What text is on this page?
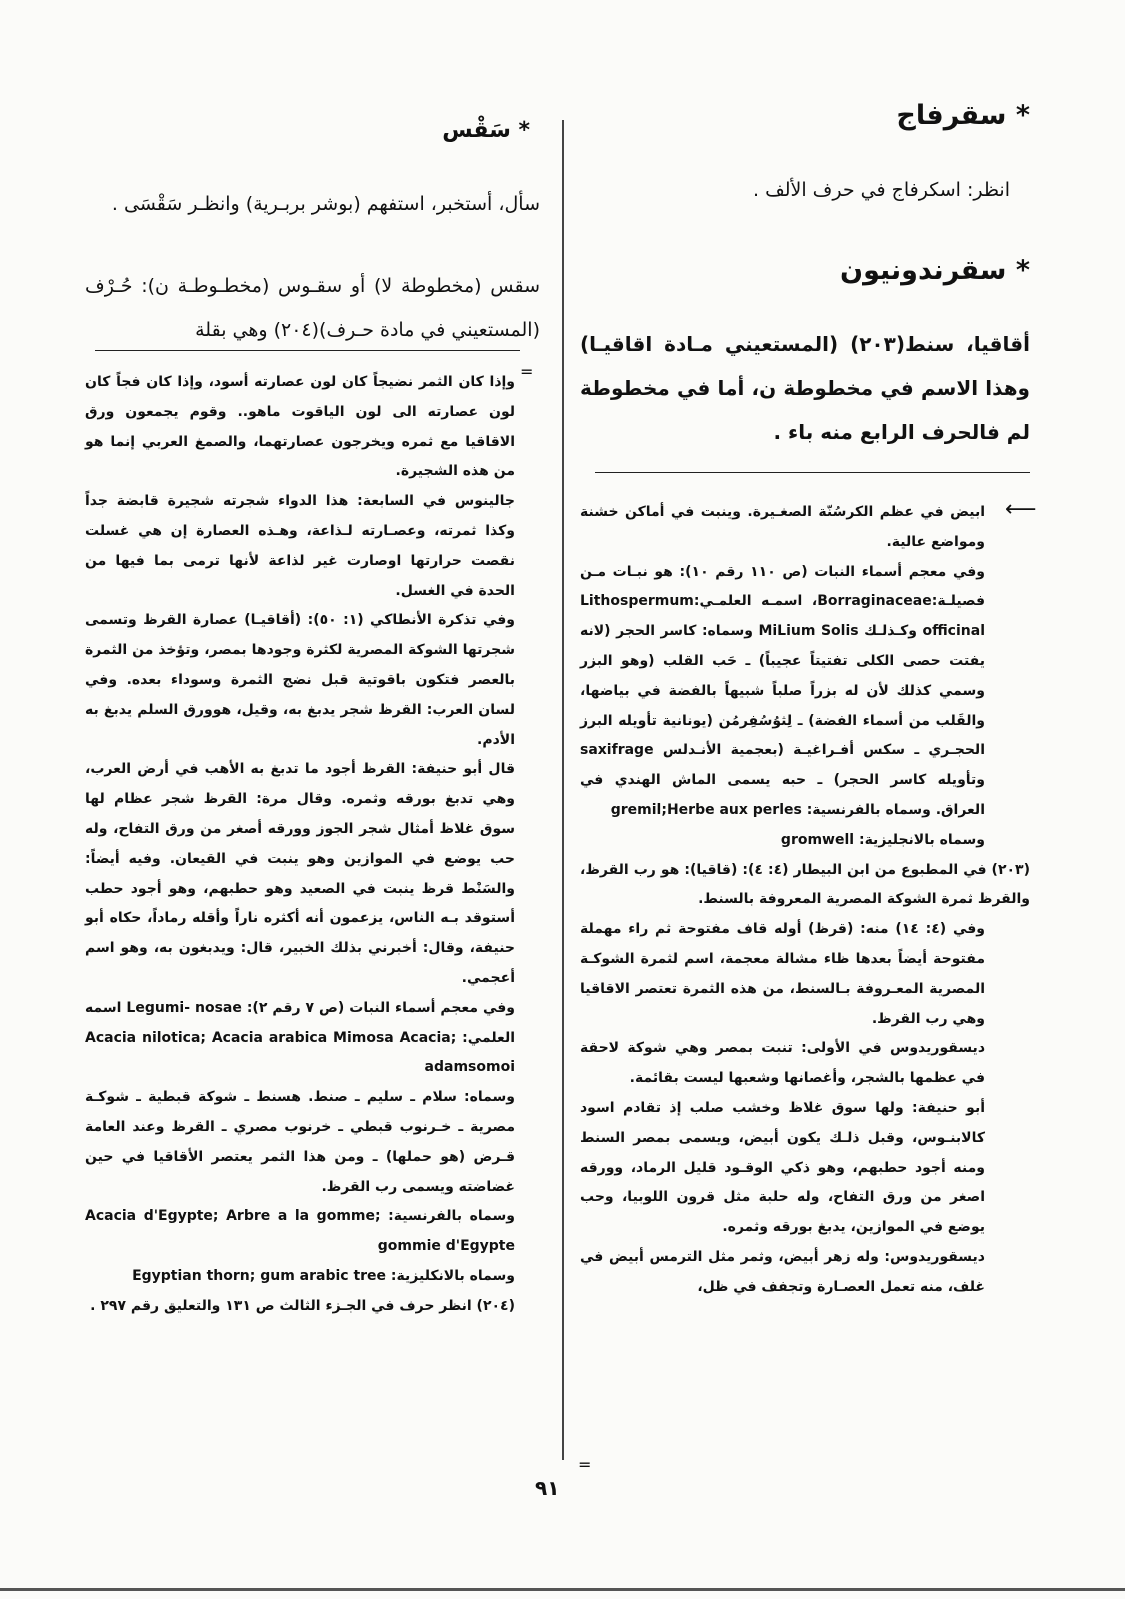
* سقرفاج
انظر: اسكرفاج في حرف الألف .
* سقرندونيون
أقاقيا، سنط(٢٠٣) (المستعيني مـادة اقاقيـا) وهذا الاسم في مخطوطة ن، أما في مخطوطة لم فالحرف الرابع منه باء .
⟵

ابيض في عظم الكرسُنّة الصغـيرة. وينبت في أماكن خشنة ومواضع عالية.

وفي معجم أسماء النبات (ص ١١٠ رقم ١٠): هو نبـات مـن فصيلـة:Borraginaceae، اسمـه العلمـي:Lithospermum officinal وكـذلـك MiLium Solis وسماه: كاسر الحجر (لانه يفتت حصى الكلى تفتيتاً عجيباً) ـ حَب القلب (وهو البزر وسمي كذلك لأن له بزراً صلباً شبيهاً بالفضة في بياضها، والقَلب من أسماء الفضة) ـ لِثوُسُفِرمُن (يونانية تأويله البرز الحجـري ـ سكس أفـراغيـة (بعجمية الأنـدلس saxifrage وتأويله كاسر الحجر) ـ حبه يسمى الماش الهندي في العراق. وسماه بالفرنسية: gremil;Herbe aux perles

وسماه بالانجليزية: gromwell

(٢٠٣) في المطبوع من ابن البيطار (٤: ٤): (قاقيا): هو رب القرظ، والقرظ ثمرة الشوكة المصرية المعروفة بالسنط.

وفي (٤: ١٤) منه: (قرظ) أوله قاف مفتوحة ثم راء مهملة مفتوحة أيضاً بعدها ظاء مشالة معجمة، اسم لثمرة الشوكـة المصرية المعـروفة بـالسنط، من هذه الثمرة تعتصر الاقاقيا وهي رب القرظ.

ديسقوريدوس في الأولى: تنبت بمصر وهي شوكة لاحقة في عظمها بالشجر، وأغصانها وشعبها ليست بقائمة.

أبو حنيفة: ولها سوق غلاظ وخشب صلب إذ تقادم اسود كالابنـوس، وقبل ذلـك يكون أبيض، ويسمى بمصر السنط ومنه أجود حطبهم، وهو ذكي الوقـود قليل الرماد، وورقه اصغر من ورق التفاح، وله حلبة مثل قرون اللوبيا، وحب يوضع في الموازين، يدبغ بورقه وثمره.

ديسقوريدوس: وله زهر أبيض، وثمر مثل الترمس أبيض في غلف، منه تعمل العصـارة وتجفف في ظل،

* سَقْس
سأل، أستخبر، استفهم (بوشر بربـرية) وانظـر سَقْسَى .
سقس (مخطوطة لا) أو سقـوس (مخطـوطـة ن): حُـرْف (المستعيني في مادة حـرف)(٢٠٤) وهي بقلة
=

وإذا كان الثمر نضيجاً كان لون عصارته أسود، وإذا كان فجاً كان لون عصارته الى لون الياقوت ماهو.. وقوم يجمعون ورق الاقاقيا مع ثمره ويخرجون عصارتهما، والصمغ العربي إنما هو من هذه الشجيرة.

جالينوس في السابعة: هذا الدواء شجرته شجيرة قابضة جداً وكذا ثمرته، وعصـارته لـذاعة، وهـذه العصارة إن هي غسلت نقصت حرارتها اوصارت غير لذاعة لأنها ترمى بما فيها من الحدة في الغسل.

وفي تذكرة الأنطاكي (١: ٥٠): (أقاقيـا) عصارة القرظ وتسمى شجرتها الشوكة المصرية لكثرة وجودها بمصر، وتؤخذ من الثمرة بالعصر فتكون باقوتية قبل نضج الثمرة وسوداء بعده. وفي لسان العرب: القرظ شجر يدبغ به، وقيل، هوورق السلم يدبغ به الأدم.

قال أبو حنيفة: القرظ أجود ما تدبغ به الأهب في أرض العرب، وهي تدبغ بورقه وثمره. وقال مرة: القرظ شجر عظام لها سوق غلاظ أمثال شجر الجوز وورقه أصغر من ورق التفاح، وله حب يوضع في الموازين وهو ينبت في القيعان. وفيه أيضاً: والسَنْط قرظ ينبت في الصعيد وهو حطبهم، وهو أجود حطب أستوقد بـه الناس، يزعمون أنه أكثره ناراً وأقله رماداً، حكاه أبو حنيفة، وقال: أخبرني بذلك الخبير، قال: ويدبغون به، وهو اسم أعجمي.

وفي معجم أسماء النبات (ص ٧ رقم ٢): Legumi- nosae اسمه العلمي: Acacia nilotica; Acacia arabica Mimosa Acacia; adamsomoi

وسماه: سلام ـ سليم ـ صنط. هسنط ـ شوكة قبطية ـ شوكـة مصرية ـ خـرنوب قبطي ـ خرنوب مصري ـ القرظ وعند العامة قـرض (هو حملها) ـ ومن هذا الثمر يعتصر الأقاقيا في حين غضاضته ويسمى رب القرظ.

وسماه بالفرنسية: Acacia d'Egypte; Arbre a la gomme; gommie d'Egypte

وسماه بالانكليزية: Egyptian thorn; gum arabic tree

(٢٠٤) انظر حرف في الجـزء الثالث ص ١٣١ والتعليق رقم ٢٩٧ .

=
٩١
